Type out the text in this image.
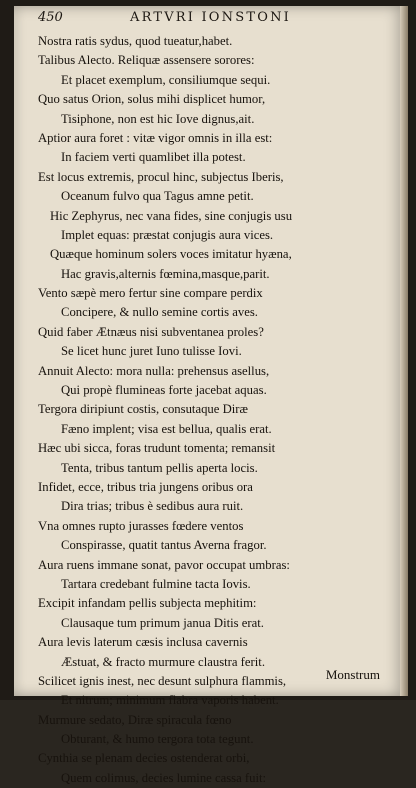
450	ARTVRI IONSTONI
Nostra ratis sydus, quod tueatur,habet.
Talibus Alecto. Reliquæ assensere sorores:
Et placet exemplum, consiliumque sequi.
Quo satus Orion, solus mihi displicet humor,
Tisiphone, non est hic Iove dignus,ait.
Aptior aura foret : vitæ vigor omnis in illa est:
In faciem verti quamlibet illa potest.
Est locus extremis, procul hinc, subjectus Iberis,
Oceanum fulvo qua Tagus amne petit.
Hic Zephyrus, nec vana fides, sine conjugis usu
Implet equas: præstat conjugis aura vices.
Quæque hominum solers voces imitatur hyæna,
Hac gravis,alternis fœmina,masque,parit.
Vento sæpè mero fertur sine compare perdix
Concipere, & nullo semine cortis aves.
Quid faber Ætnæus nisi subventanea proles?
Se licet hunc juret Iuno tulisse Iovi.
Annuit Alecto: mora nulla: prehensus asellus,
Qui propè fluminеas forte jacebat aquas.
Tergora diripiunt costis, consutaque Diræ
Fæno implent; visa est bellua, qualis erat.
Hæc ubi sicca, foras trudunt tomenta; remansit
Tenta, tribus tantum pellis aperta locis.
Infidet, ecce, tribus tria jungens oribus ora
Dira trias; tribus è sedibus aura ruit.
Vna omnes rupto jurasses fœdere ventos
Conspirasse, quatit tantus Averna fragor.
Aura ruens immane sonat, pavor occupat umbras:
Tartara credebant fulmine tacta Iovis.
Excipit infandam pellis subjecta mephitim:
Clausaque tum primum janua Ditis erat.
Aura levis laterum cæsis inclusa cavernis
Æstuat, & fracto murmure claustra ferit.
Scilicet ignis inest, nec desunt sulphura flammis,
Et nitrum; minimum flabra vaporis habent.
Murmure sedato, Diræ spiracula fœno
Obturant, & humo tergora tota tegunt.
Cynthia se plenam decies ostenderat orbi,
Quem colimus, decies lumine cassa fuit:
Monstrum
